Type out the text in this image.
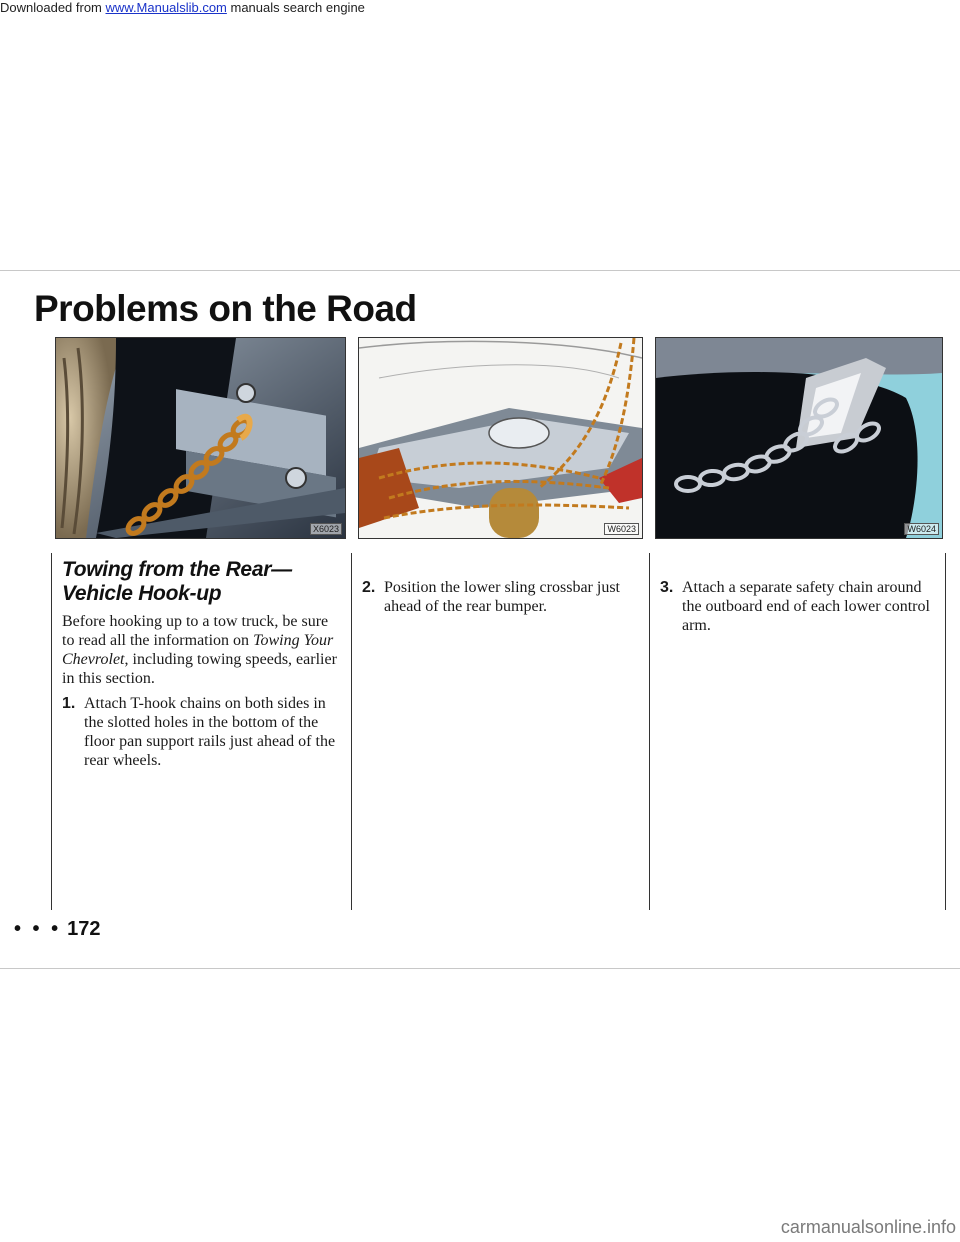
Downloaded from www.Manualslib.com manuals search engine
Problems on the Road
X6023	W6023	W6024
Towing from the Rear—
Vehicle Hook-up

Before hooking up to a tow truck, be sure to read all the information on Towing Your Chevrolet, including towing speeds, earlier in this section.

1. Attach T-hook chains on both sides in the slotted holes in the bottom of the floor pan support rails just ahead of the rear wheels.

2. Position the lower sling crossbar just ahead of the rear bumper.

3. Attach a separate safety chain around the outboard end of each lower control arm.

• • • 172
carmanualsonline.info
